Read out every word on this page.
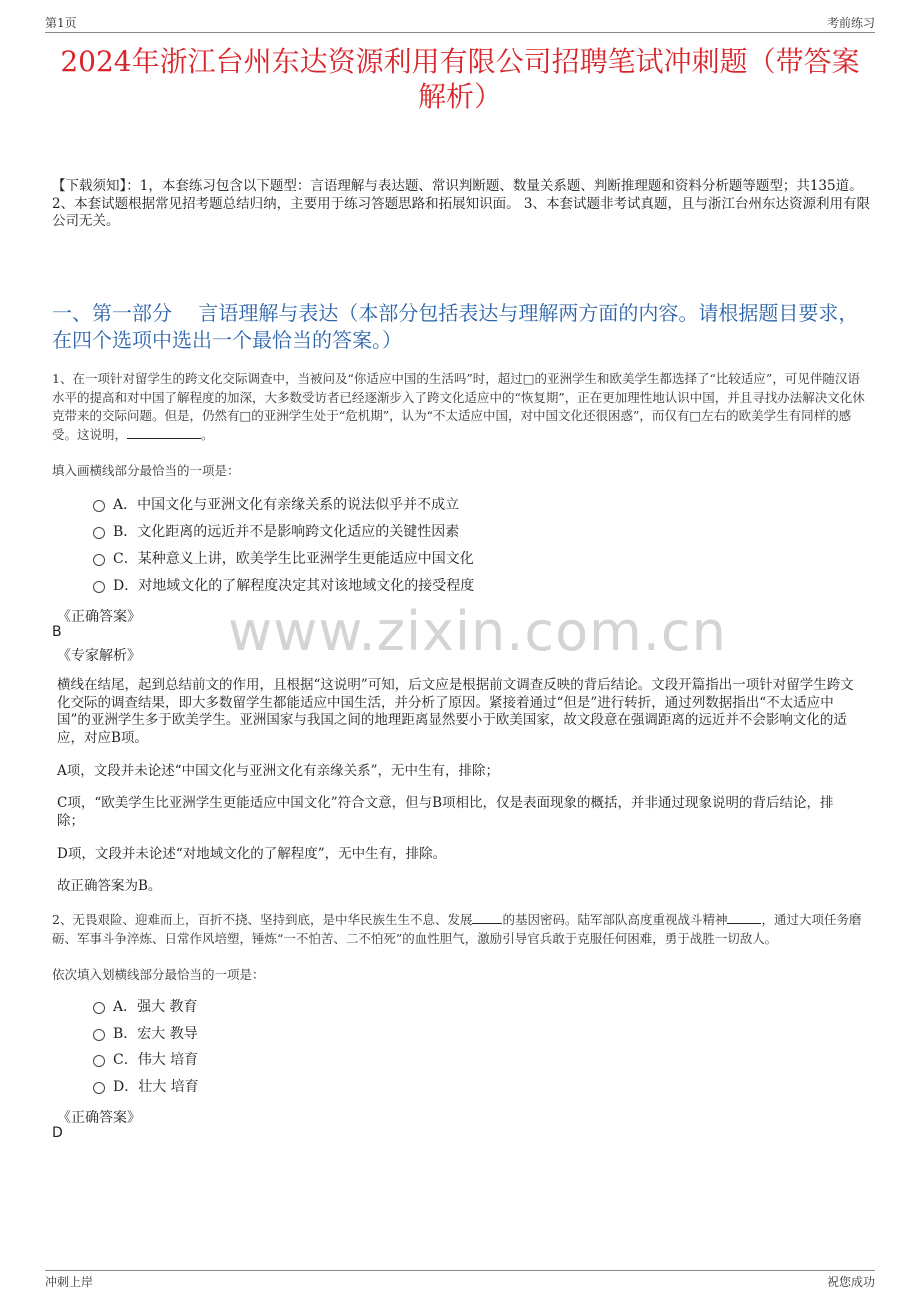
第1页	考前练习
2024年浙江台州东达资源利用有限公司招聘笔试冲刺题（带答案解析）
【下载须知】：1，本套练习包含以下题型：言语理解与表达题、常识判断题、数量关系题、判断推理题和资料分析题等题型；共135道。 2、本套试题根据常见招考题总结归纳，主要用于练习答题思路和拓展知识面。 3、本套试题非考试真题，且与浙江台州东达资源利用有限公司无关。
一、第一部分　 言语理解与表达（本部分包括表达与理解两方面的内容。请根据题目要求，在四个选项中选出一个最恰当的答案。）
1、在一项针对留学生的跨文化交际调查中，当被问及“你适应中国的生活吗”时，超过□的亚洲学生和欧美学生都选择了“比较适应”，可见伴随汉语水平的提高和对中国了解程度的加深，大多数受访者已经逐渐步入了跨文化适应中的“恢复期”，正在更加理性地认识中国，并且寻找办法解决文化休克带来的交际问题。但是，仍然有□的亚洲学生处于“危机期”，认为“不太适应中国，对中国文化还很困惑”，而仅有□左右的欧美学生有同样的感受。这说明，	。
填入画横线部分最恰当的一项是：
A．中国文化与亚洲文化有亲缘关系的说法似乎并不成立
B．文化距离的远近并不是影响跨文化适应的关键性因素
C．某种意义上讲，欧美学生比亚洲学生更能适应中国文化
D．对地域文化的了解程度决定其对该地域文化的接受程度
《正确答案》
B
《专家解析》
横线在结尾，起到总结前文的作用，且根据“这说明”可知，后文应是根据前文调查反映的背后结论。文段开篇指出一项针对留学生跨文化交际的调查结果，即大多数留学生都能适应中国生活，并分析了原因。紧接着通过“但是”进行转折，通过列数据指出“不太适应中国”的亚洲学生多于欧美学生。亚洲国家与我国之间的地理距离显然要小于欧美国家，故文段意在强调距离的远近并不会影响文化的适应，对应B项。
A项，文段并未论述“中国文化与亚洲文化有亲缘关系”，无中生有，排除；
C项，“欧美学生比亚洲学生更能适应中国文化”符合文意，但与B项相比，仅是表面现象的概括，并非通过现象说明的背后结论，排除；
D项，文段并未论述“对地域文化的了解程度”，无中生有，排除。
故正确答案为B。
2、无畏艰险、迎难而上，百折不挠、坚持到底，是中华民族生生不息、发展 的基因密码。陆军部队高度重视战斗精神	，通过大项任务磨砺、军事斗争淬炼、日常作风培塑，锤炼“一不怕苦、二不怕死”的血性胆气，激励引导官兵敢于克服任何困难，勇于战胜一切敌人。
依次填入划横线部分最恰当的一项是：
A．强大 教育
B．宏大 教导
C．伟大 培育
D．壮大 培育
《正确答案》
D
www.zixin.com.cn
冲刺上岸	祝您成功
